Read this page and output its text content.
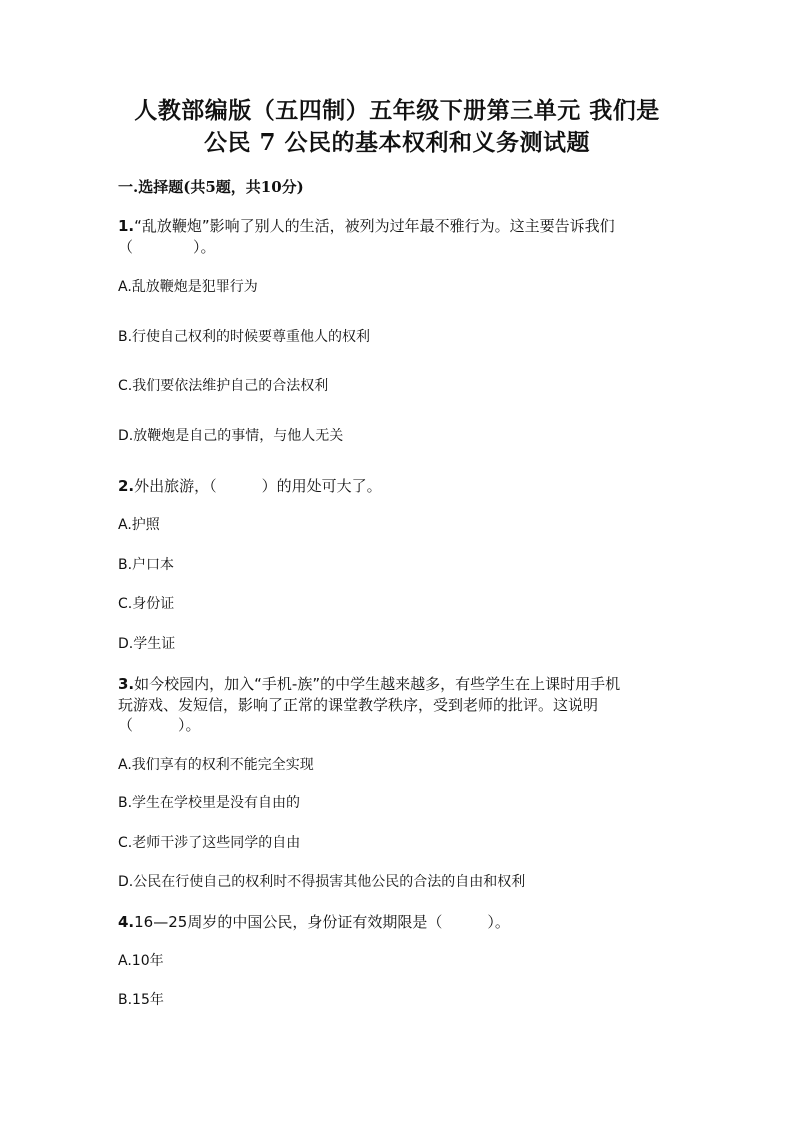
人教部编版（五四制）五年级下册第三单元 我们是
公民 7 公民的基本权利和义务测试题
一.选择题(共5题，共10分)
1.“乱放鞭炮”影响了别人的生活，被列为过年最不雅行为。这主要告诉我们
（　　　　）。
A.乱放鞭炮是犯罪行为
B.行使自己权利的时候要尊重他人的权利
C.我们要依法维护自己的合法权利
D.放鞭炮是自己的事情，与他人无关
2.外出旅游，（　　　）的用处可大了。
A.护照
B.户口本
C.身份证
D.学生证
3.如今校园内，加入“手机-族”的中学生越来越多，有些学生在上课时用手机
玩游戏、发短信，影响了正常的课堂教学秩序，受到老师的批评。这说明
（　　　）。
A.我们享有的权利不能完全实现
B.学生在学校里是没有自由的
C.老师干涉了这些同学的自由
D.公民在行使自己的权利时不得损害其他公民的合法的自由和权利
4.16—25周岁的中国公民，身份证有效期限是（　　　）。
A.10年
B.15年
